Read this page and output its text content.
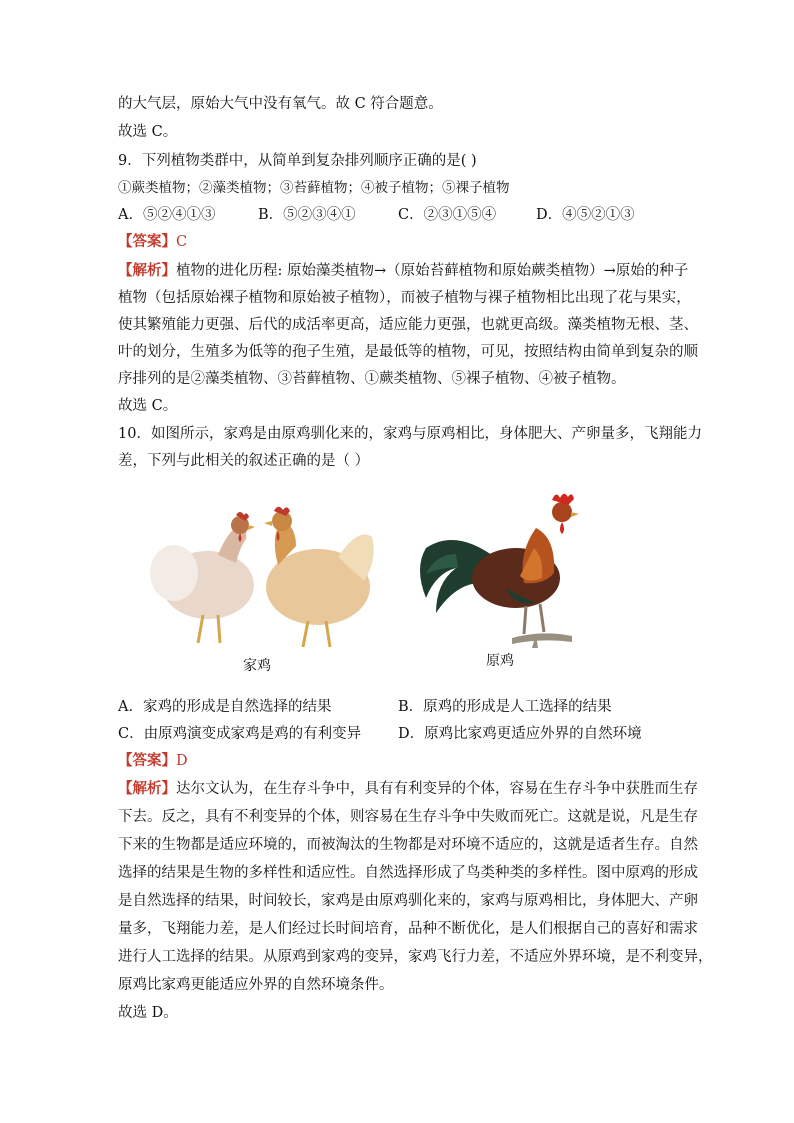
的大气层，原始大气中没有氧气。故 C 符合题意。
故选 C。
9．下列植物类群中，从简单到复杂排列顺序正确的是( )
①蕨类植物；②藻类植物；③苔藓植物；④被子植物；⑤裸子植物
A．⑤②④①③	B．⑤②③④①	C．②③①⑤④	D．④⑤②①③
【答案】C
【解析】植物的进化历程: 原始藻类植物→（原始苔藓植物和原始蕨类植物）→原始的种子
植物（包括原始裸子植物和原始被子植物），而被子植物与裸子植物相比出现了花与果实，
使其繁殖能力更强、后代的成活率更高，适应能力更强，也就更高级。藻类植物无根、茎、
叶的划分，生殖多为低等的孢子生殖，是最低等的植物，可见，按照结构由简单到复杂的顺
序排列的是②藻类植物、③苔藓植物、①蕨类植物、⑤裸子植物、④被子植物。
故选 C。
10．如图所示，家鸡是由原鸡驯化来的，家鸡与原鸡相比，身体肥大、产卵量多，飞翔能力
差，下列与此相关的叙述正确的是（ ）
家鸡	原鸡
A．家鸡的形成是自然选择的结果	B．原鸡的形成是人工选择的结果
C．由原鸡演变成家鸡是鸡的有利变异	D．原鸡比家鸡更适应外界的自然环境
【答案】D
【解析】达尔文认为，在生存斗争中，具有有利变异的个体，容易在生存斗争中获胜而生存
下去。反之，具有不利变异的个体，则容易在生存斗争中失败而死亡。这就是说，凡是生存
下来的生物都是适应环境的，而被淘汰的生物都是对环境不适应的，这就是适者生存。自然
选择的结果是生物的多样性和适应性。自然选择形成了鸟类种类的多样性。图中原鸡的形成
是自然选择的结果，时间较长，家鸡是由原鸡驯化来的，家鸡与原鸡相比，身体肥大、产卵
量多，飞翔能力差，是人们经过长时间培育，品种不断优化，是人们根据自己的喜好和需求
进行人工选择的结果。从原鸡到家鸡的变异，家鸡飞行力差，不适应外界环境，是不利变异，
原鸡比家鸡更能适应外界的自然环境条件。
故选 D。
